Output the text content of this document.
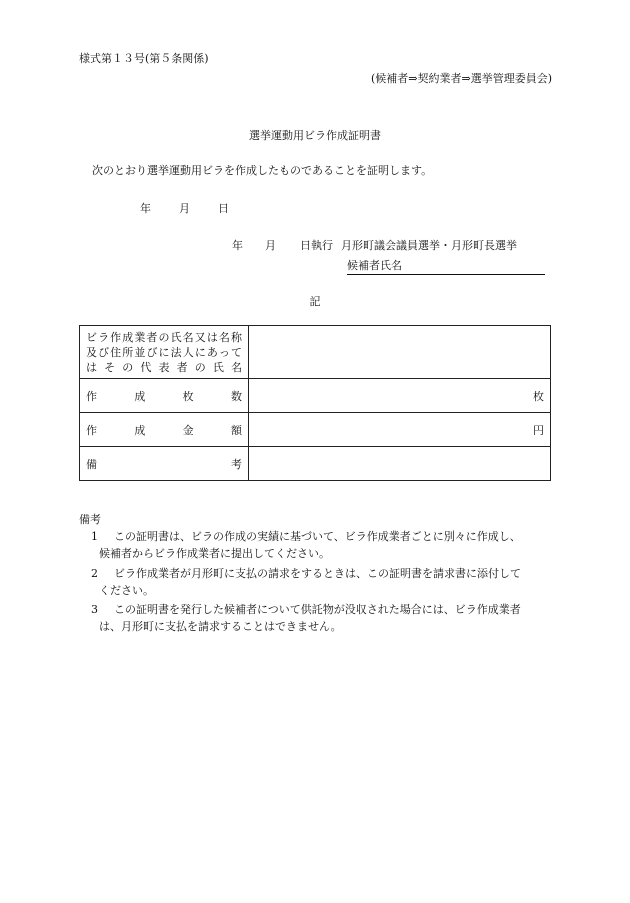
様式第１３号(第５条関係)
(候補者⇒契約業者⇒選挙管理委員会)
選挙運動用ビラ作成証明書
次のとおり選挙運動用ビラを作成したものであることを証明します。
年	月	日
年 月 日執行 月形町議会議員選挙・月形町長選挙
候補者氏名
記
ビラ作成業者の氏名又は名称
及び住所並びに法人にあって
はその代表者の氏名	

作 成 枚 数	枚

作 成 金 額	円

備 考	

備考
1	この証明書は、ビラの作成の実績に基づいて、ビラ作成業者ごとに別々に作成し、
候補者からビラ作成業者に提出してください。
2	ビラ作成業者が月形町に支払の請求をするときは、この証明書を請求書に添付して
ください。
3	この証明書を発行した候補者について供託物が没収された場合には、ビラ作成業者
は、月形町に支払を請求することはできません。
